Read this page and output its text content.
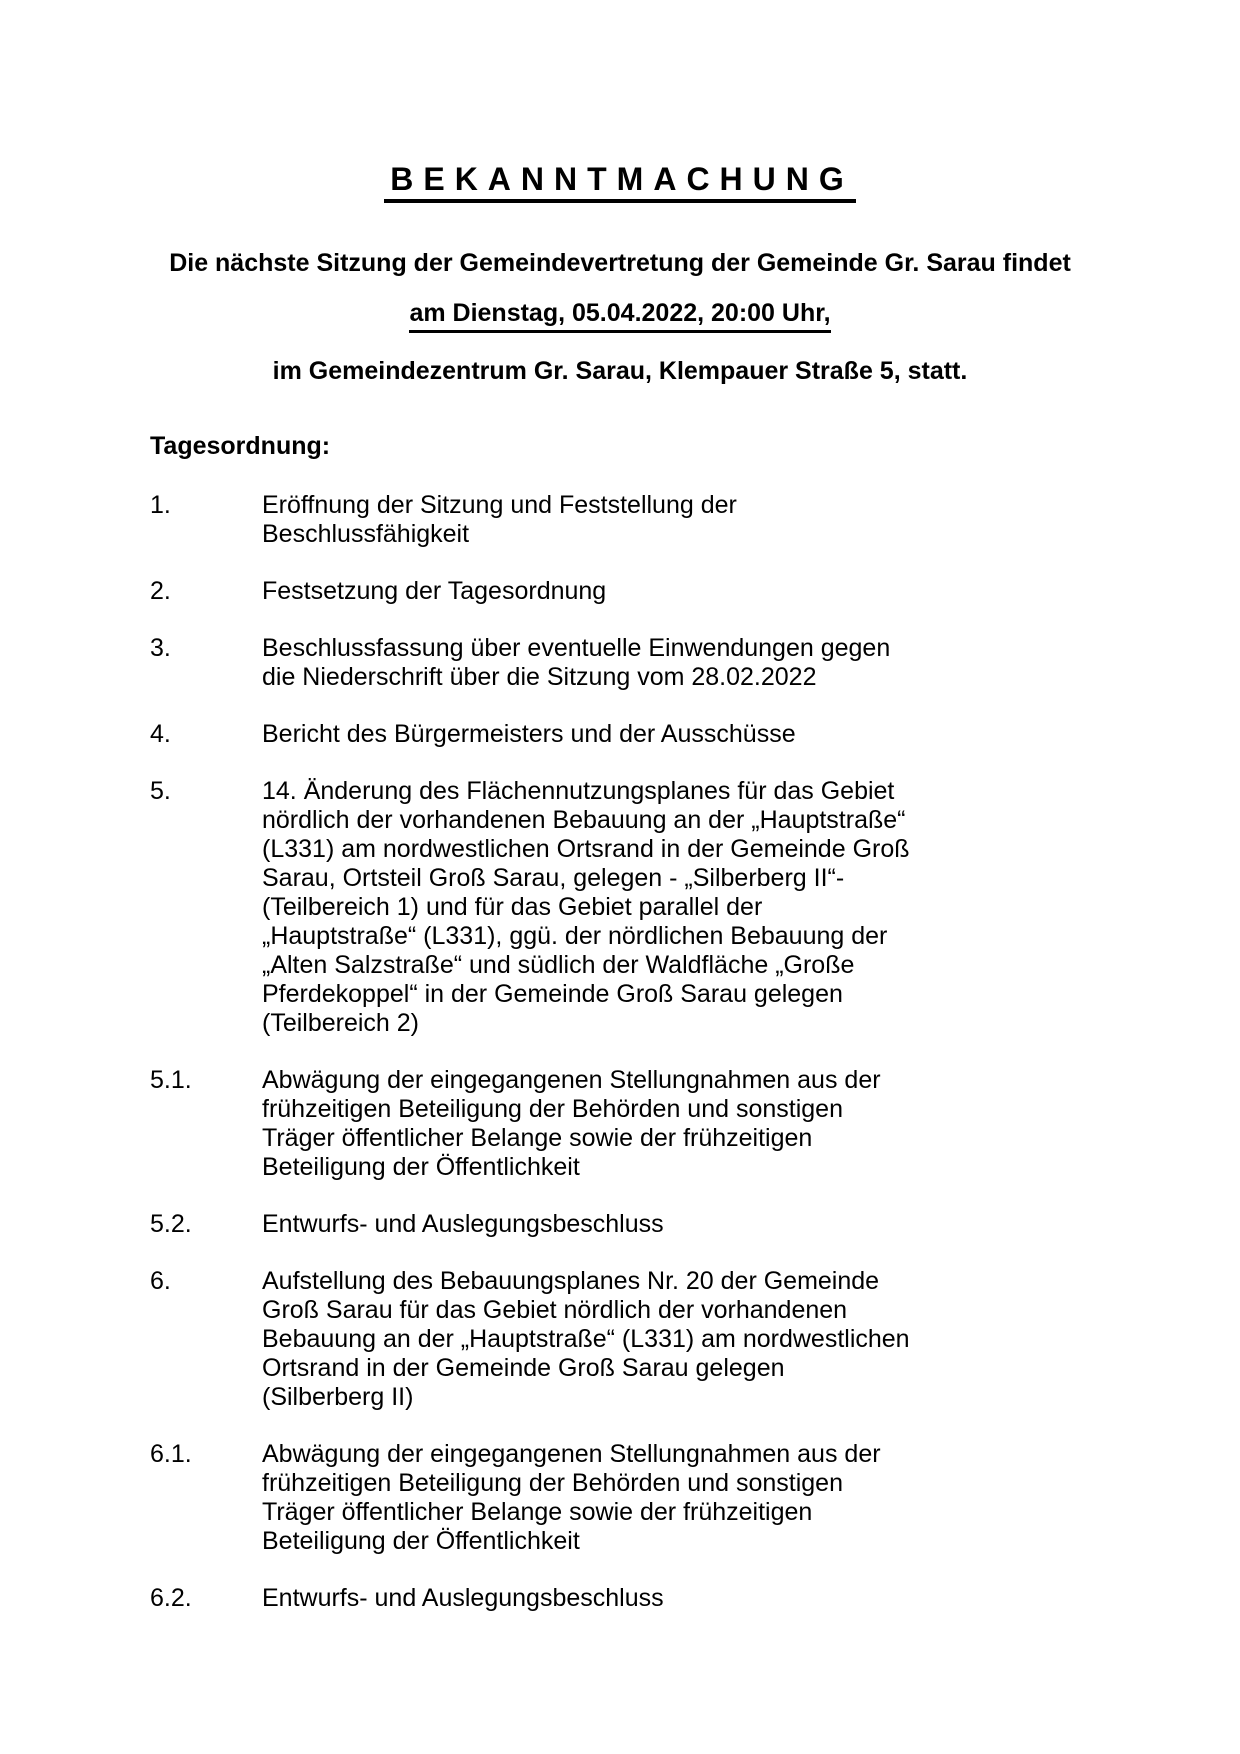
BEKANNTMACHUNG
Die nächste Sitzung der Gemeindevertretung der Gemeinde Gr. Sarau findet
am Dienstag, 05.04.2022, 20:00 Uhr,
im Gemeindezentrum Gr. Sarau, Klempauer Straße 5, statt.
Tagesordnung:
1.	Eröffnung der Sitzung und Feststellung der
Beschlussfähigkeit
2.	Festsetzung der Tagesordnung
3.	Beschlussfassung über eventuelle Einwendungen gegen
die Niederschrift über die Sitzung vom 28.02.2022
4.	Bericht des Bürgermeisters und der Ausschüsse
5.	14. Änderung des Flächennutzungsplanes für das Gebiet
nördlich der vorhandenen Bebauung an der „Hauptstraße“
(L331) am nordwestlichen Ortsrand in der Gemeinde Groß
Sarau, Ortsteil Groß Sarau, gelegen - „Silberberg II“-
(Teilbereich 1) und für das Gebiet parallel der
„Hauptstraße“ (L331), ggü. der nördlichen Bebauung der
„Alten Salzstraße“ und südlich der Waldfläche „Große
Pferdekoppel“ in der Gemeinde Groß Sarau gelegen
(Teilbereich 2)
5.1.	Abwägung der eingegangenen Stellungnahmen aus der
frühzeitigen Beteiligung der Behörden und sonstigen
Träger öffentlicher Belange sowie der frühzeitigen
Beteiligung der Öffentlichkeit
5.2.	Entwurfs- und Auslegungsbeschluss
6.	Aufstellung des Bebauungsplanes Nr. 20 der Gemeinde
Groß Sarau für das Gebiet nördlich der vorhandenen
Bebauung an der „Hauptstraße“ (L331) am nordwestlichen
Ortsrand in der Gemeinde Groß Sarau gelegen
(Silberberg II)
6.1.	Abwägung der eingegangenen Stellungnahmen aus der
frühzeitigen Beteiligung der Behörden und sonstigen
Träger öffentlicher Belange sowie der frühzeitigen
Beteiligung der Öffentlichkeit
6.2.	Entwurfs- und Auslegungsbeschluss
